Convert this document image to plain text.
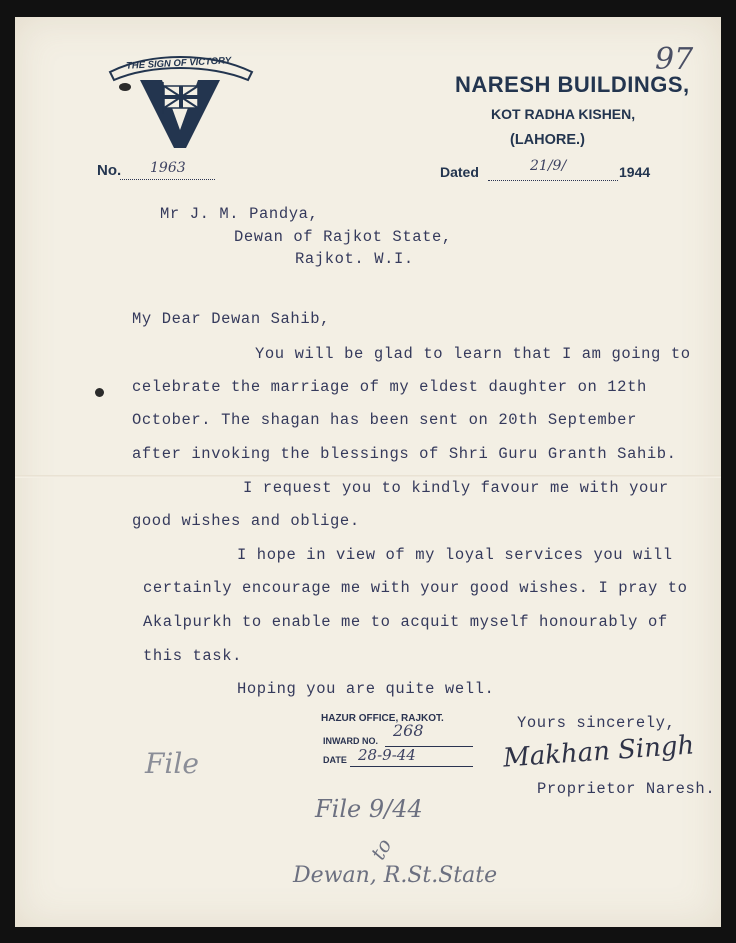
THE SIGN OF VICTORY
NARESH BUILDINGS,
KOT RADHA KISHEN,
(LAHORE.)
97
No. 1963	Dated	21/9/	1944
Mr J. M. Pandya,
Dewan of Rajkot State,
Rajkot. W.I.
My Dear Dewan Sahib,
You will be glad to learn that I am going to
celebrate the marriage of my eldest daughter on 12th
October. The shagan has been sent on 20th September
after invoking the blessings of Shri Guru Granth Sahib.
I request you to kindly favour me with your
good wishes and oblige.
I hope in view of my loyal services you will
certainly encourage me with your good wishes. I pray to
Akalpurkh to enable me to acquit myself honourably of
this task.
Hoping you are quite well.
HAZUR OFFICE, RAJKOT.
INWARD NO.
268
DATE 28-9-44
Yours sincerely,
Makhan Singh
Proprietor Naresh.
File
File 9/44
to
Dewan, R.St.State
